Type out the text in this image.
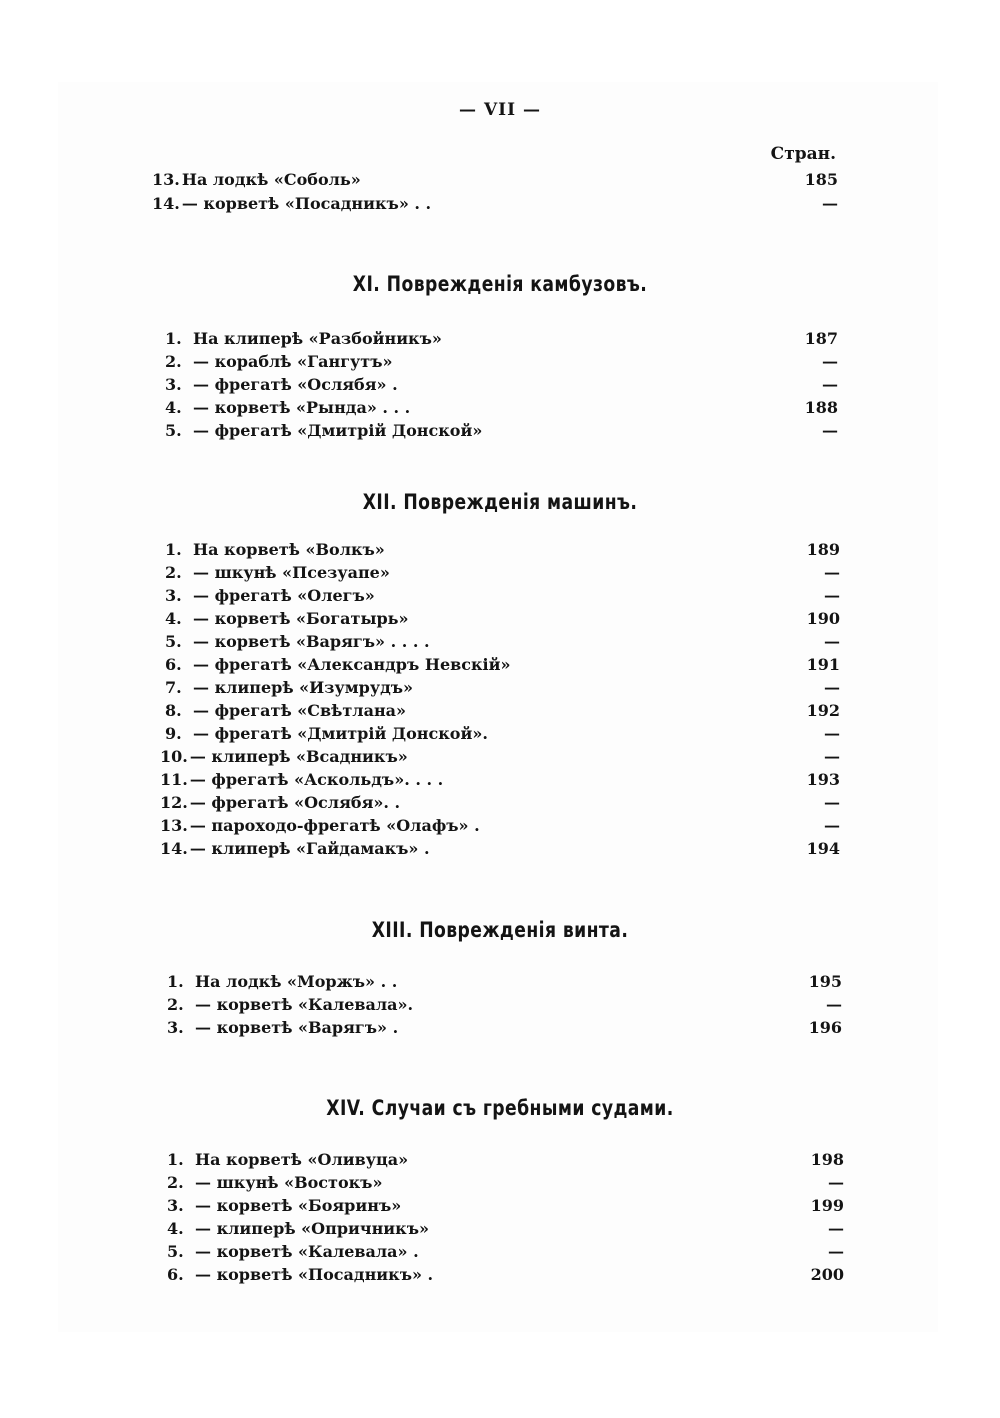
— VII —
Стран.
13. На лодкѣ «Соболь»	185
14. — корветѣ «Посадникъ» . .	—
XI. Поврежденія камбузовъ.
1. На клиперѣ «Разбойникъ»	187
2. — кораблѣ «Гангутъ»	—
3. — фрегатѣ «Ослябя» .	—
4. — корветѣ «Рында» . . .	188
5. — фрегатѣ «Дмитрій Донской»	—
XII. Поврежденія машинъ.
1. На корветѣ «Волкъ»	189
2. — шкунѣ «Псезуапе»	—
3. — фрегатѣ «Олегъ»	—
4. — корветѣ «Богатырь»	190
5. — корветѣ «Варягъ» . . . .	—
6. — фрегатѣ «Александръ Невскій»	191
7. — клиперѣ «Изумрудъ»	—
8. — фрегатѣ «Свѣтлана»	192
9. — фрегатѣ «Дмитрій Донской».	—
10. — клиперѣ «Всадникъ»	—
11. — фрегатѣ «Аскольдъ». . . .	193
12. — фрегатѣ «Ослябя». .	—
13. — пароходо-фрегатѣ «Олафъ» .	—
14. — клиперѣ «Гайдамакъ» .	194
XIII. Поврежденія винта.
1. На лодкѣ «Моржъ» . .	195
2. — корветѣ «Калевала».	—
3. — корветѣ «Варягъ» .	196
XIV. Случаи съ гребными судами.
1. На корветѣ «Оливуца»	198
2. — шкунѣ «Востокъ»	—
3. — корветѣ «Бояринъ»	199
4. — клиперѣ «Опричникъ»	—
5. — корветѣ «Калевала» .	—
6. — корветѣ «Посадникъ» .	200
